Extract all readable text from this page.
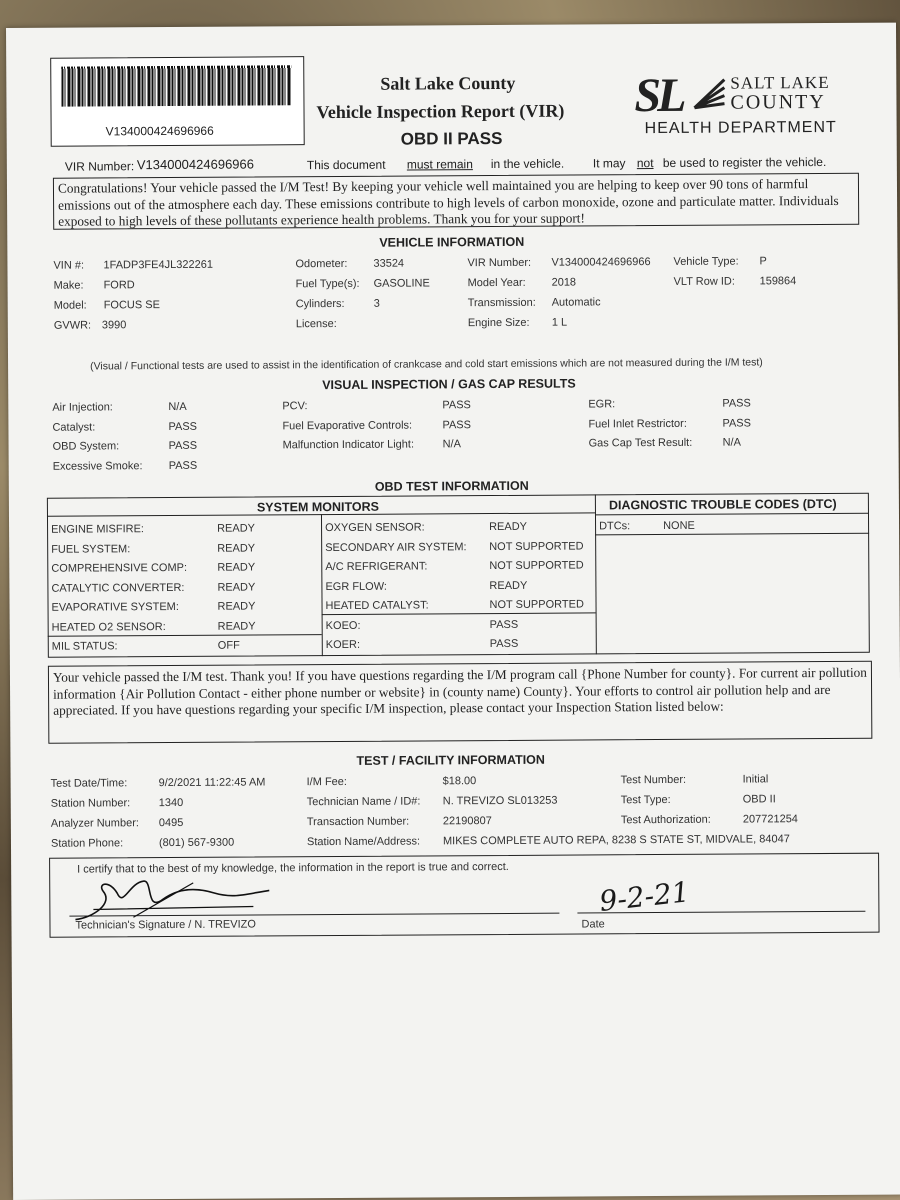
V134000424696966
Salt Lake County
Vehicle Inspection Report (VIR)
OBD II PASS
SL	SALT LAKE
COUNTY
HEALTH DEPARTMENT
VIR Number: V134000424696966	This document must remain in the vehicle. It may not be used to register the vehicle.
Congratulations! Your vehicle passed the I/M Test! By keeping your vehicle well maintained you are helping to keep over 90 tons of harmful emissions out of the atmosphere each day. These emissions contribute to high levels of carbon monoxide, ozone and particulate matter. Individuals exposed to high levels of these pollutants experience health problems. Thank you for your support!
VEHICLE INFORMATION
VIN #: 1FADP3FE4JL322261
Make: FORD
Model: FOCUS SE
GVWR: 3990
Odometer: 33524
Fuel Type(s): GASOLINE
Cylinders:	3
License:
VIR Number: V134000424696966
Model Year: 2018
Transmission: Automatic
Engine Size: 1 L
Vehicle Type: P
VLT Row ID: 159864
(Visual / Functional tests are used to assist in the identification of crankcase and cold start emissions which are not measured during the I/M test)
VISUAL INSPECTION / GAS CAP RESULTS
Air Injection:	N/A
Catalyst:	PASS
OBD System:	PASS
Excessive Smoke: PASS
PCV:	PASS
Fuel Evaporative Controls:	PASS
Malfunction Indicator Light:	N/A
EGR:	PASS
Fuel Inlet Restrictor:	PASS
Gas Cap Test Result:	N/A
OBD TEST INFORMATION
SYSTEM MONITORS	DIAGNOSTIC TROUBLE CODES (DTC)
ENGINE MISFIRE:	READY
FUEL SYSTEM:	READY
COMPREHENSIVE COMP:	READY
CATALYTIC CONVERTER:	READY
EVAPORATIVE SYSTEM:	READY
HEATED O2 SENSOR:	READY
MIL STATUS:	OFF
OXYGEN SENSOR:	READY
SECONDARY AIR SYSTEM: NOT SUPPORTED
A/C REFRIGERANT:	NOT SUPPORTED
EGR FLOW:	READY
HEATED CATALYST:	NOT SUPPORTED
KOEO:	PASS
KOER:	PASS
DTCs:	NONE
Your vehicle passed the I/M test. Thank you! If you have questions regarding the I/M program call {Phone Number for county}. For current air pollution information {Air Pollution Contact - either phone number or website} in (county name) County}. Your efforts to control air pollution help and are appreciated. If you have questions regarding your specific I/M inspection, please contact your Inspection Station listed below:
TEST / FACILITY INFORMATION
Test Date/Time:	9/2/2021 11:22:45 AM
Station Number:	1340
Analyzer Number: 0495
Station Phone:	(801) 567-9300
I/M Fee:	$18.00
Technician Name / ID#: N. TREVIZO SL013253
Transaction Number:	22190807
Station Name/Address: MIKES COMPLETE AUTO REPA, 8238 S STATE ST, MIDVALE, 84047
Test Number:	Initial
Test Type:	OBD II
Test Authorization:	207721254
I certify that to the best of my knowledge, the information in the report is true and correct.
Technician's Signature / N. TREVIZO	Date
9-2-21
